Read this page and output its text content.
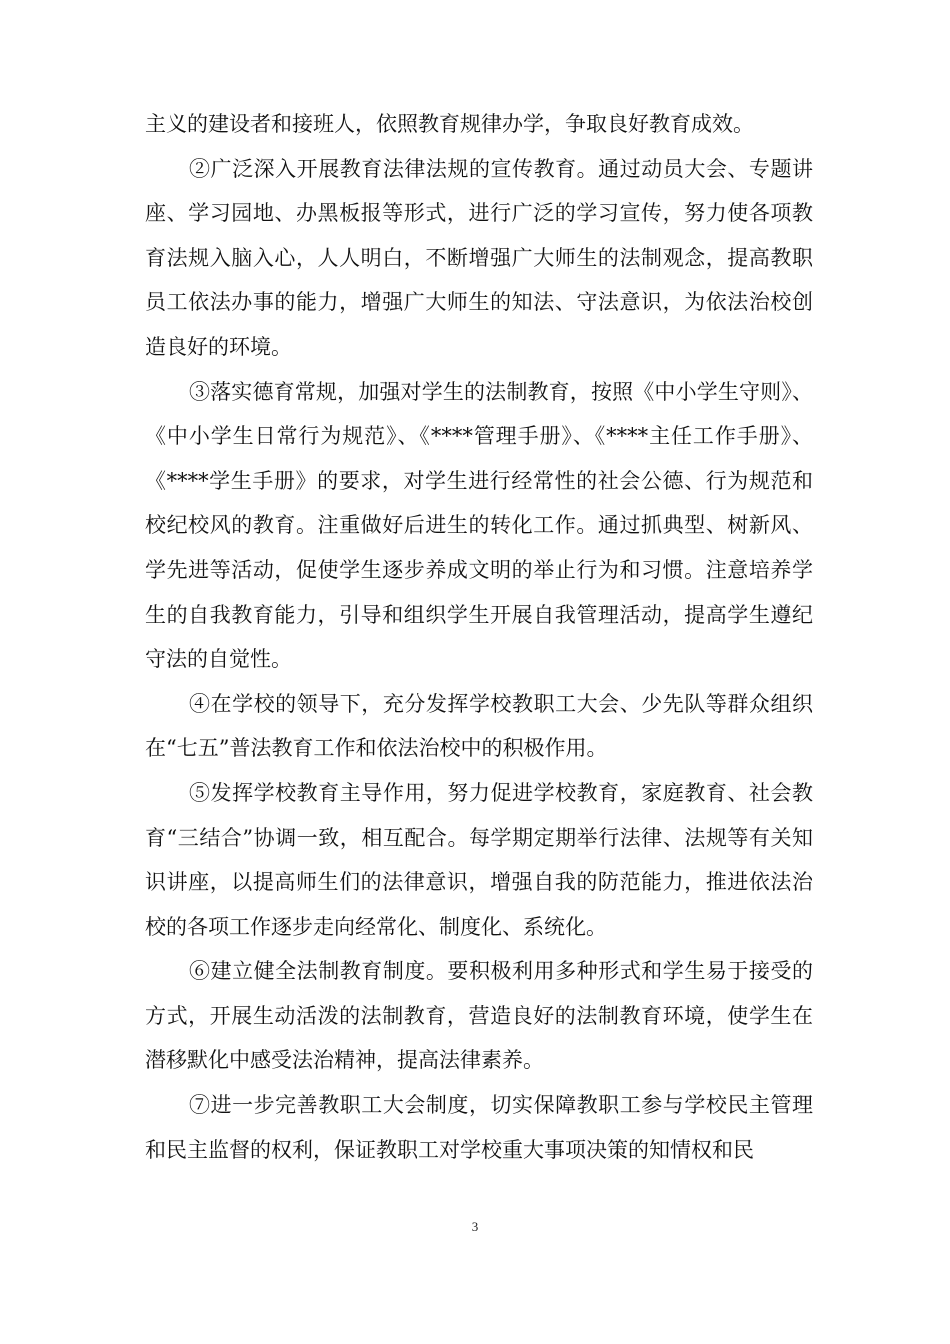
主义的建设者和接班人，依照教育规律办学，争取良好教育成效。

②广泛深入开展教育法律法规的宣传教育。通过动员大会、专题讲座、学习园地、办黑板报等形式，进行广泛的学习宣传，努力使各项教育法规入脑入心，人人明白，不断增强广大师生的法制观念，提高教职员工依法办事的能力，增强广大师生的知法、守法意识，为依法治校创造良好的环境。

③落实德育常规，加强对学生的法制教育，按照《中小学生守则》、《中小学生日常行为规范》、《****管理手册》、《****主任工作手册》、《****学生手册》的要求，对学生进行经常性的社会公德、行为规范和校纪校风的教育。注重做好后进生的转化工作。通过抓典型、树新风、学先进等活动，促使学生逐步养成文明的举止行为和习惯。注意培养学生的自我教育能力，引导和组织学生开展自我管理活动，提高学生遵纪守法的自觉性。

④在学校的领导下，充分发挥学校教职工大会、少先队等群众组织在“七五”普法教育工作和依法治校中的积极作用。

⑤发挥学校教育主导作用，努力促进学校教育，家庭教育、社会教育“三结合”协调一致，相互配合。每学期定期举行法律、法规等有关知识讲座，以提高师生们的法律意识，增强自我的防范能力，推进依法治校的各项工作逐步走向经常化、制度化、系统化。

⑥建立健全法制教育制度。要积极利用多种形式和学生易于接受的方式，开展生动活泼的法制教育，营造良好的法制教育环境，使学生在潜移默化中感受法治精神，提高法律素养。

⑦进一步完善教职工大会制度，切实保障教职工参与学校民主管理和民主监督的权利，保证教职工对学校重大事项决策的知情权和民

3
